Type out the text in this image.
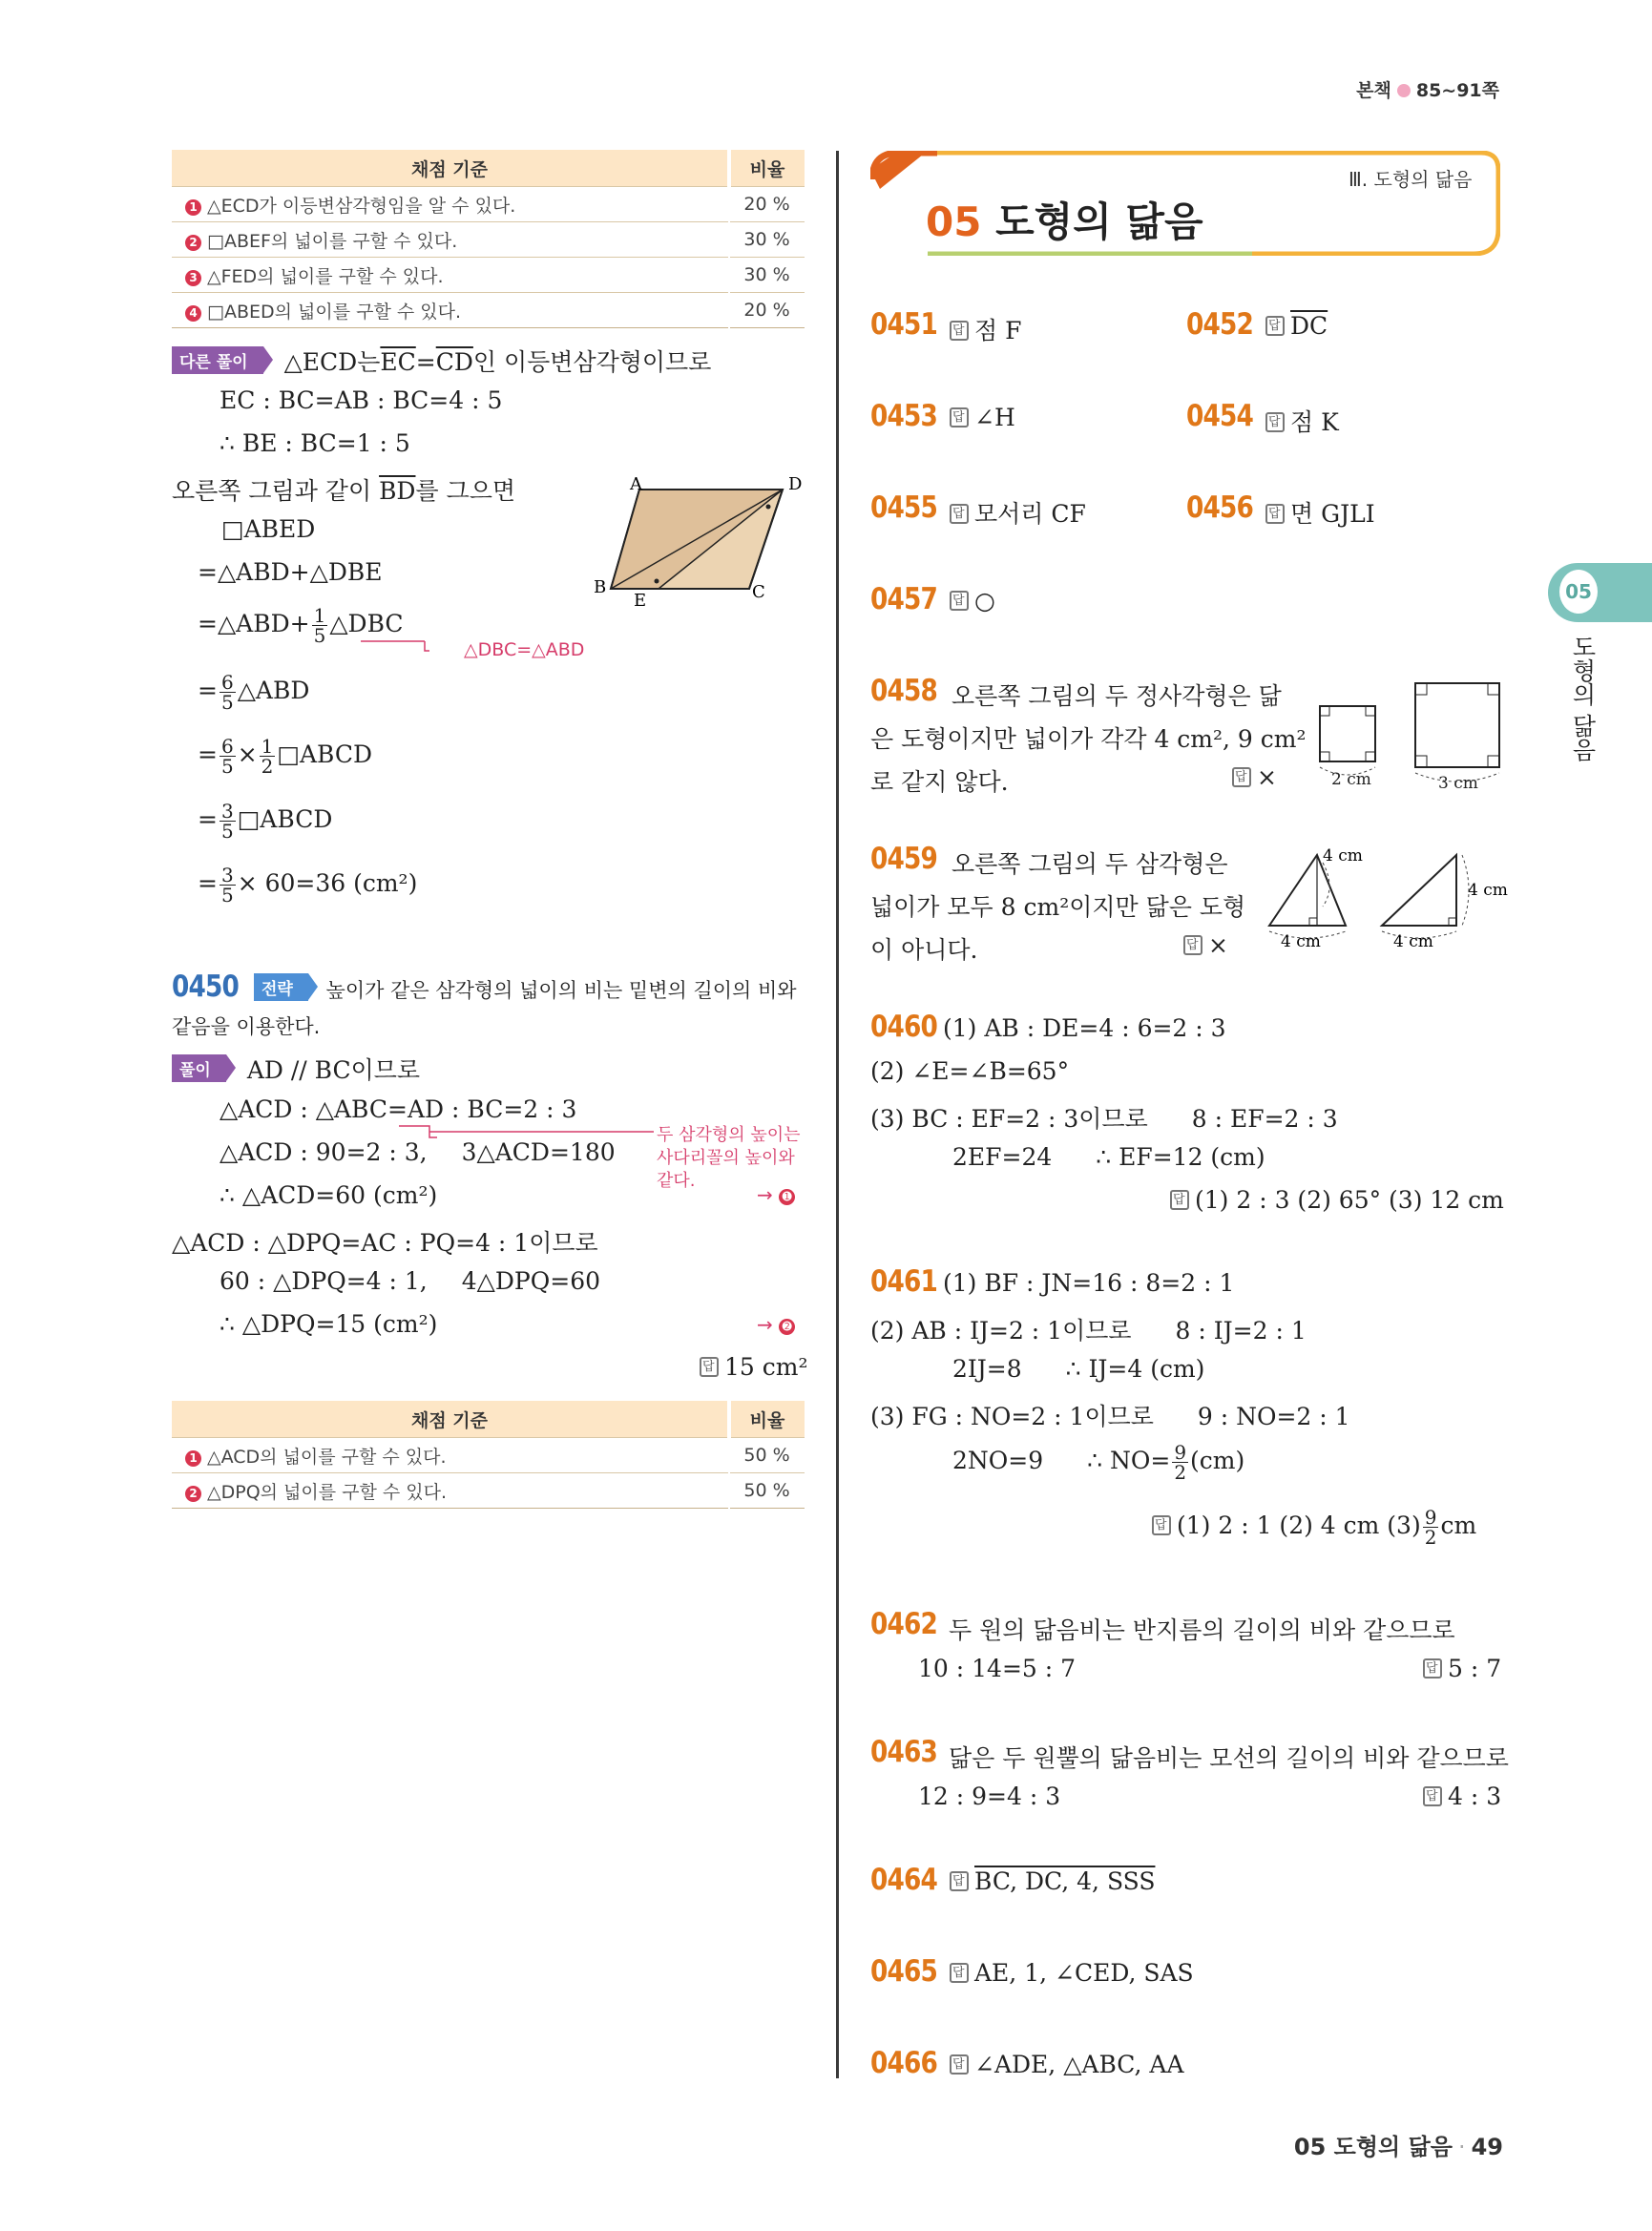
본책 85~91쪽
채점 기준	비율
1 △ECD가 이등변삼각형임을 알 수 있다.	20 %
2 □ABEF의 넓이를 구할 수 있다.	30 %
3 △FED의 넓이를 구할 수 있다.	30 %
4 □ABED의 넓이를 구할 수 있다.	20 %
다른 풀이 △ECD는$\overline{EC}=\overline{CD}$인 이등변삼각형이므로
EC : BC=AB : BC=4 : 5
∴ BE : BC=1 : 5
오른쪽 그림과 같이 $\overline{BD}$를 그으면
□ABED
=△ABD+△DBE
=△ABD+ $\frac{1}{5}$ △DBC
△DBC=△ABD
= $\frac{6}{5}$ △ABD
= $\frac{6}{5} \times \frac{1}{2}$ □ABCD
= $\frac{3}{5}$ □ABCD
= $\frac{3}{5} \times 60=36$ (cm²)
A	D
B	C
E
0450	전략 높이가 같은 삼각형의 넓이의 비는 밑변의 길이의 비와
같음을 이용한다.
풀이 AD // BC이므로
△ACD : △ABC=AD : BC=2 : 3
△ACD : 90=2 : 3, 3△ACD=180
두 삼각형의 높이는
사다리꼴의 높이와
같다.
∴ △ACD=60 (cm²)	→ ➊
△ACD : △DPQ=AC : PQ=4 : 1이므로
60 : △DPQ=4 : 1, 4△DPQ=60
∴ △DPQ=15 (cm²)	→ ➋
답15 cm²
채점 기준	비율
1 △ACD의 넓이를 구할 수 있다.	50 %
2 △DPQ의 넓이를 구할 수 있다.	50 %
Ⅲ. 도형의 닮음
05 도형의 닮음
05
도형의 닮음
0451 답	점 F	0452 답	$\overline{DC}$
0453 답	∠H	0454 답	점 K
0455 답	모서리 CF	0456 답	면 GJLI
0457 답	○
0458 오른쪽 그림의 두 정사각형은 닮
은 도형이지만 넓이가 각각 4 cm², 9 cm²
로 같지 않다. 답	×	2 cm	3 cm
0459 오른쪽 그림의 두 삼각형은
넓이가 모두 8 cm²이지만 닮은 도형
이 아니다. 답	×
4 cm
4 cm
4 cm
4 cm
0460 (1) AB : DE=4 : 6=2 : 3
(2) ∠E=∠B=65°
(3) BC : EF=2 : 3이므로 8 : EF=2 : 3
2EF=24 ∴ EF=12 (cm)
답(1) 2 : 3 (2) 65° (3) 12 cm
0461 (1) BF : JN=16 : 8=2 : 1
(2) AB : IJ=2 : 1이므로 8 : IJ=2 : 1
2IJ=8 ∴ IJ=4 (cm)
(3) FG : NO=2 : 1이므로 9 : NO=2 : 1
2NO=9 ∴ $NO= \frac{9}{2} (cm)$
답(1) 2 : 1 (2) 4 cm $(3) \frac{9}{2}$ cm
0462 두 원의 닮음비는 반지름의 길이의 비와 같으므로
10 : 14=5 : 7 답	5 : 7
0463 닮은 두 원뿔의 닮음비는 모선의 길이의 비와 같으므로
12 : 9=4 : 3 답	4 : 3
0464 답	BC, DC, 4, SSS
0465 답	AE, 1, ∠CED, SAS
0466 답	∠ADE, △ABC, AA
05 도형의 닮음 · 49
